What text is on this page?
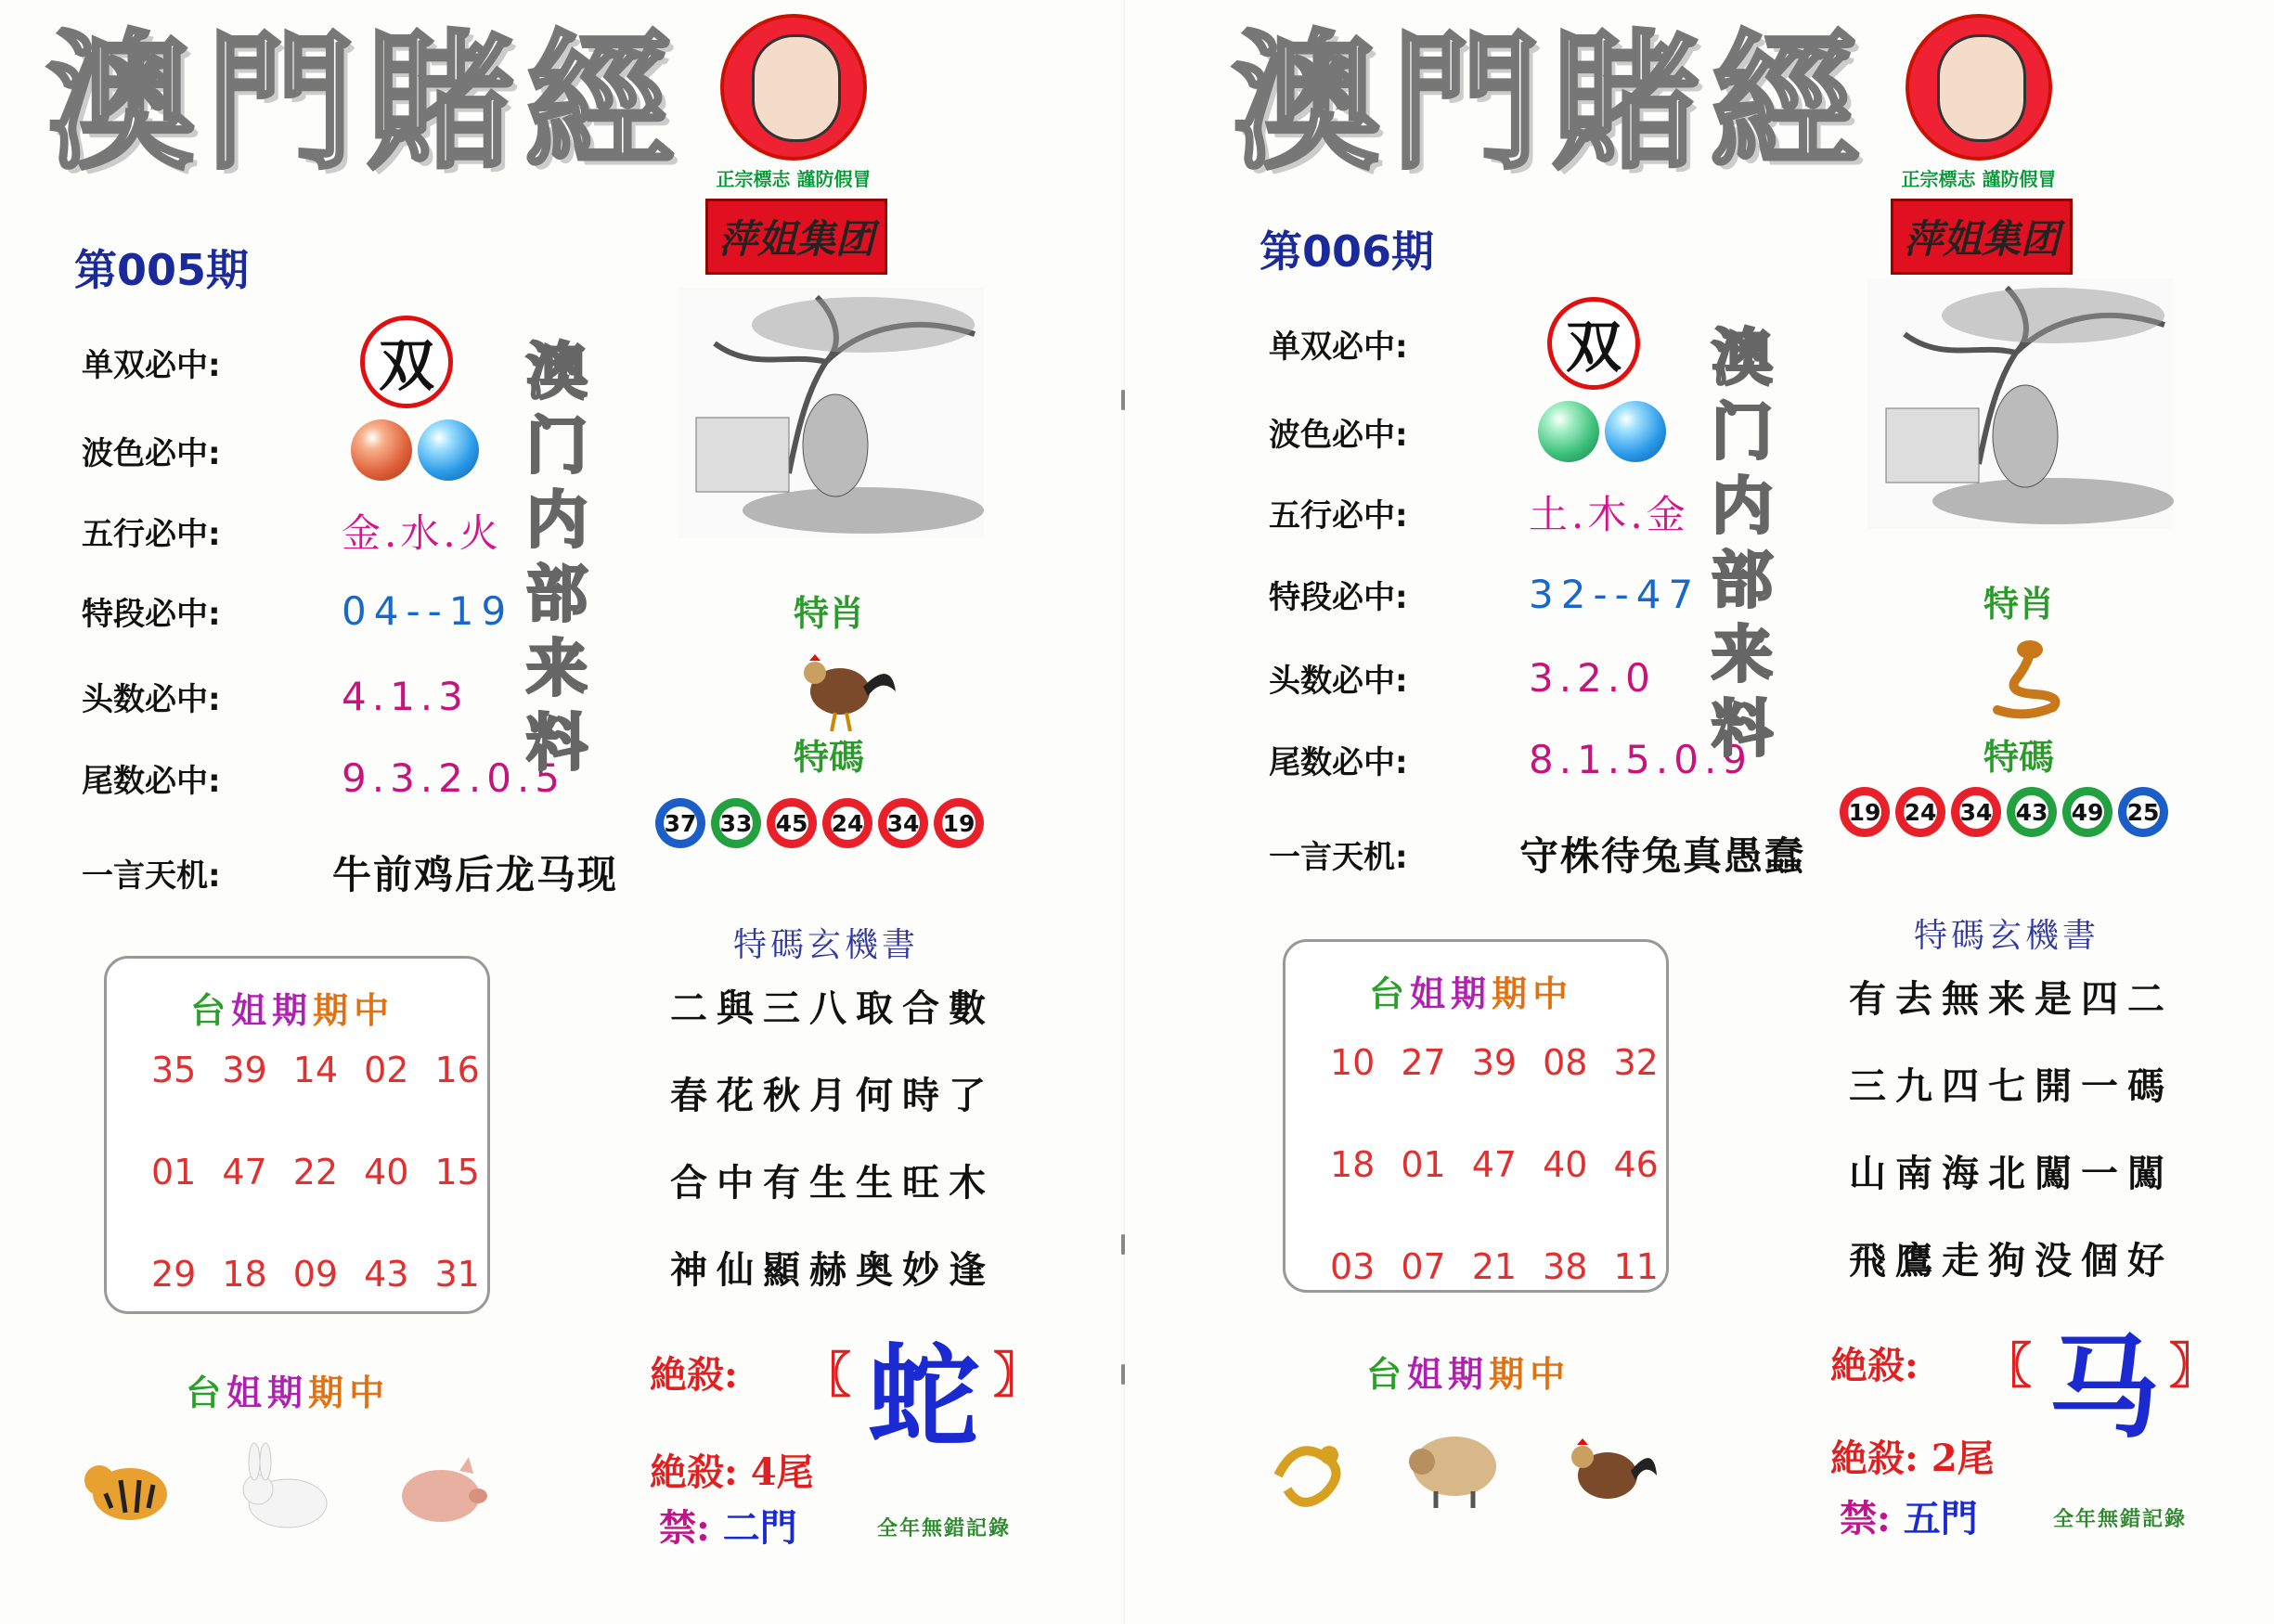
澳門賭經 正宗標志 謹防假冒
萍姐集团
第005期
单双必中:	双
波色必中:
五行必中:	金.水.火
特段必中:	04--19
头数必中:	4.1.3
尾数必中:	9.3.2.0.5
一言天机:	牛前鸡后龙马现
澳
门
内
部
来
料
特肖
特碼
37 33 45 24 34 19
台姐期期中
35 39 14 02 16
01 47 22 40 15
29 18 09 43 31
特碼玄機書
二與三八取合數
春花秋月何時了
合中有生生旺木
神仙顯赫奥妙逢
台姐期期中	絶殺: 〖 蛇 〗
絶殺: 4尾
禁: 二門	全年無錯記錄
澳門賭經 正宗標志 謹防假冒
萍姐集团
第006期
单双必中:	双
波色必中:
五行必中:	土.木.金
特段必中:	32--47
头数必中:	3.2.0
尾数必中:	8.1.5.0.9
一言天机:	守株待兔真愚蠢
澳
门
内
部
来
料
特肖
特碼
19 24 34 43 49 25
台姐期期中
10 27 39 08 32
18 01 47 40 46
03 07 21 38 11
特碼玄機書
有去無来是四二
三九四七開一碼
山南海北闖一闖
飛鷹走狗没個好
台姐期期中	絶殺: 〖 马 〗
絶殺: 2尾
禁: 五門	全年無錯記錄
